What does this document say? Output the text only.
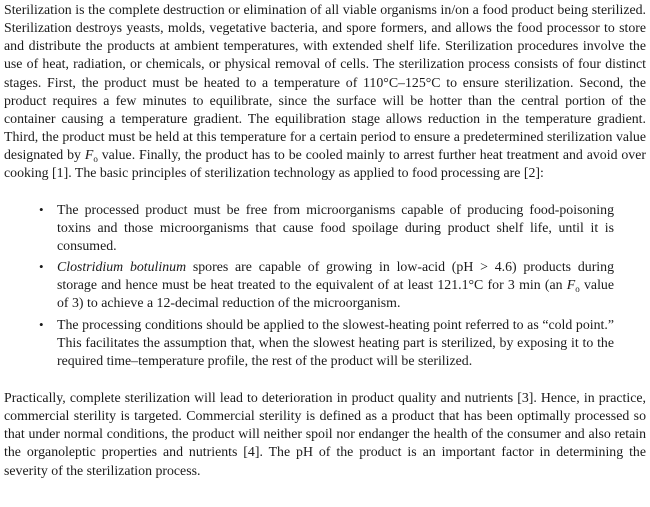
Sterilization is the complete destruction or elimination of all viable organisms in/on a food product being sterilized. Sterilization destroys yeasts, molds, vegetative bacteria, and spore formers, and allows the food processor to store and distribute the products at ambient temperatures, with extended shelf life. Sterilization procedures involve the use of heat, radiation, or chemicals, or physical removal of cells. The sterilization process consists of four distinct stages. First, the product must be heated to a temperature of 110°C–125°C to ensure sterilization. Second, the product requires a few minutes to equilibrate, since the surface will be hotter than the central portion of the container causing a temperature gradient. The equilibration stage allows reduction in the temperature gradient. Third, the product must be held at this temperature for a certain period to ensure a predetermined sterilization value designated by $F_o$ value. Finally, the product has to be cooled mainly to arrest further heat treatment and avoid over cooking [1]. The basic principles of sterilization technology as applied to food processing are [2]:

• The processed product must be free from microorganisms capable of producing food-poisoning toxins and those microorganisms that cause food spoilage during product shelf life, until it is consumed.
• Clostridium botulinum spores are capable of growing in low-acid (pH > 4.6) products during storage and hence must be heat treated to the equivalent of at least 121.1°C for 3 min (an $F_o$ value of 3) to achieve a 12-decimal reduction of the microorganism.
• The processing conditions should be applied to the slowest-heating point referred to as “cold point.” This facilitates the assumption that, when the slowest heating part is sterilized, by exposing it to the required time–temperature profile, the rest of the product will be sterilized.

Practically, complete sterilization will lead to deterioration in product quality and nutrients [3]. Hence, in practice, commercial sterility is targeted. Commercial sterility is defined as a product that has been optimally processed so that under normal conditions, the product will neither spoil nor endanger the health of the consumer and also retain the organoleptic properties and nutrients [4]. The pH of the product is an important factor in determining the severity of the sterilization process.
